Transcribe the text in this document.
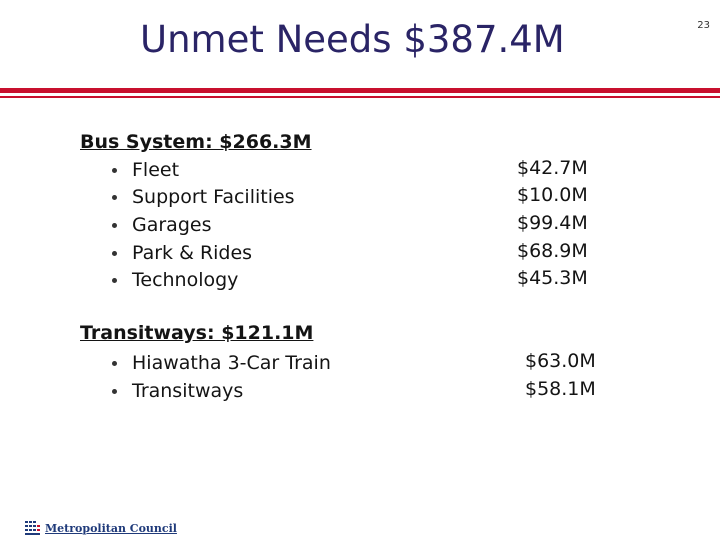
Unmet Needs $387.4M	23
Bus System: $266.3M
Fleet	$42.7M
Support Facilities	$10.0M
Garages	$99.4M
Park & Rides	$68.9M
Technology	$45.3M
Transitways: $121.1M
Hiawatha 3-Car Train	$63.0M
Transitways	$58.1M
Metropolitan Council
